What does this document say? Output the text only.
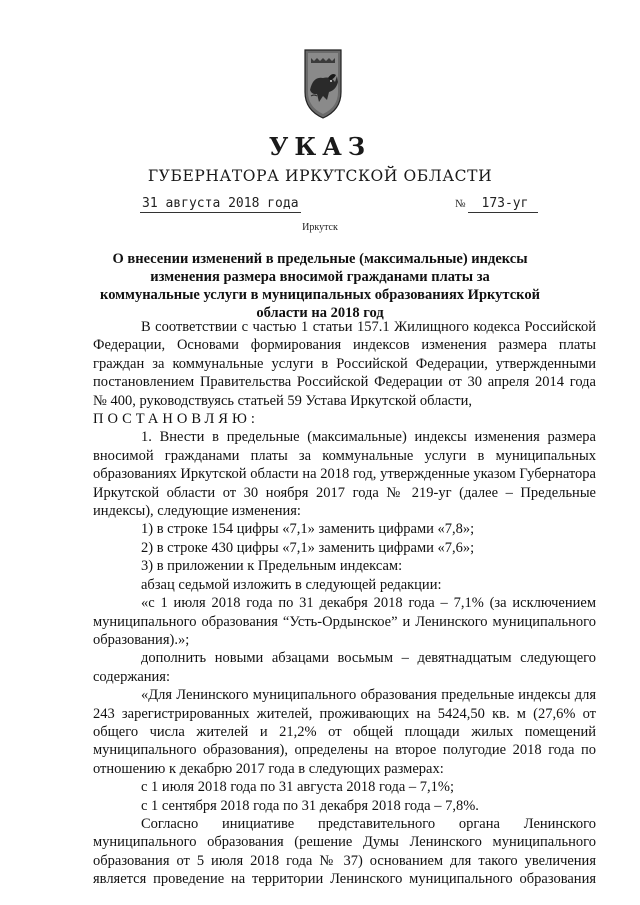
УКАЗ
ГУБЕРНАТОРА ИРКУТСКОЙ ОБЛАСТИ
31 августа 2018 года	№ 173-уг
Иркутск
О внесении изменений в предельные (максимальные) индексы изменения размера вносимой гражданами платы за коммунальные услуги в муниципальных образованиях Иркутской области на 2018 год

В соответствии с частью 1 статьи 157.1 Жилищного кодекса Российской Федерации, Основами формирования индексов изменения размера платы граждан за коммунальные услуги в Российской Федерации, утвержденными постановлением Правительства Российской Федерации от 30 апреля 2014 года № 400, руководствуясь статьей 59 Устава Иркутской области,

ПОСТАНОВЛЯЮ:

1. Внести в предельные (максимальные) индексы изменения размера вносимой гражданами платы за коммунальные услуги в муниципальных образованиях Иркутской области на 2018 год, утвержденные указом Губернатора Иркутской области от 30 ноября 2017 года № 219-уг (далее – Предельные индексы), следующие изменения:

1) в строке 154 цифры «7,1» заменить цифрами «7,8»;

2) в строке 430 цифры «7,1» заменить цифрами «7,6»;

3) в приложении к Предельным индексам:

абзац седьмой изложить в следующей редакции:

«с 1 июля 2018 года по 31 декабря 2018 года – 7,1% (за исключением муниципального образования “Усть-Ордынское” и Ленинского муниципального образования).»;

дополнить новыми абзацами восьмым – девятнадцатым следующего содержания:

«Для Ленинского муниципального образования предельные индексы для 243 зарегистрированных жителей, проживающих на 5424,50 кв. м (27,6% от общего числа жителей и 21,2% от общей площади жилых помещений муниципального образования), определены на второе полугодие 2018 года по отношению к декабрю 2017 года в следующих размерах:

с 1 июля 2018 года по 31 августа 2018 года – 7,1%;

с 1 сентября 2018 года по 31 декабря 2018 года – 7,8%.

Согласно инициативе представительного органа Ленинского муниципального образования (решение Думы Ленинского муниципального образования от 5 июля 2018 года № 37) основанием для такого увеличения является проведение на территории Ленинского муниципального образования
